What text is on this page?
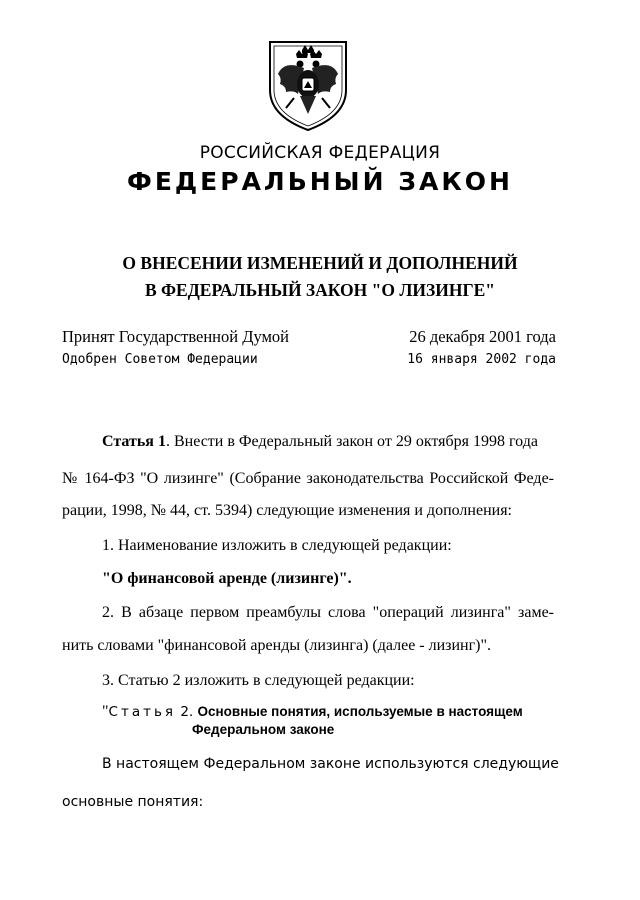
РОССИЙСКАЯ ФЕДЕРАЦИЯ
ФЕДЕРАЛЬНЫЙ ЗАКОН
О ВНЕСЕНИИ ИЗМЕНЕНИЙ И ДОПОЛНЕНИЙ
В ФЕДЕРАЛЬНЫЙ ЗАКОН "О ЛИЗИНГЕ"
Принят Государственной Думой	26 декабря 2001 года
Одобрен Советом Федерации	16 января 2002 года
Статья 1. Внести в Федеральный закон от 29 октября 1998 года
№ 164-ФЗ "О лизинге" (Собрание законодательства Российской Феде-
рации, 1998, № 44, ст. 5394) следующие изменения и дополнения:
1. Наименование изложить в следующей редакции:
"О финансовой аренде (лизинге)".
2. В абзаце первом преамбулы слова "операций лизинга" заме-
нить словами "финансовой аренды (лизинга) (далее - лизинг)".
3. Статью 2 изложить в следующей редакции:
"Статья 2. Основные понятия, используемые в настоящем
Федеральном законе
В настоящем Федеральном законе используются следующие
основные понятия:
